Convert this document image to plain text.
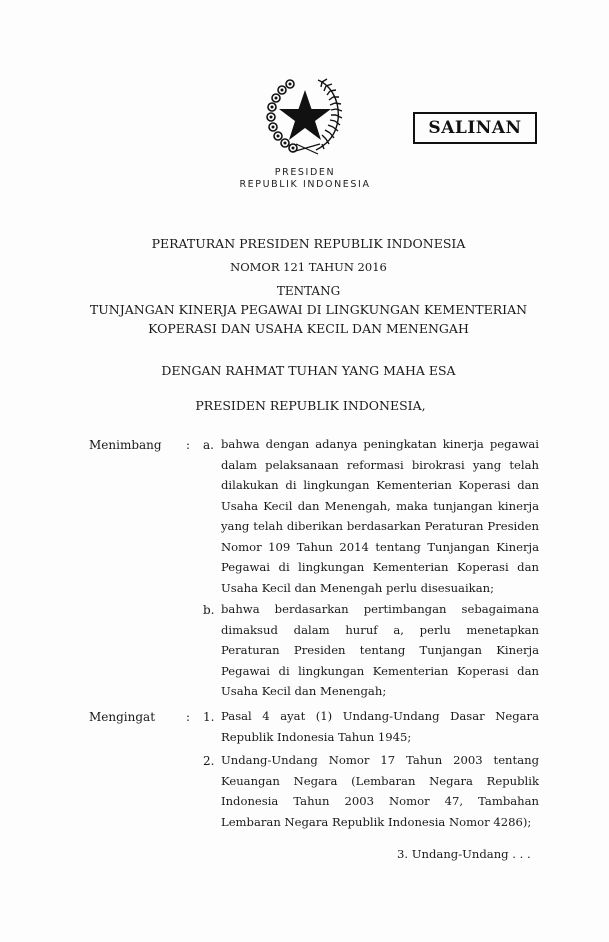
SALINAN
PRESIDEN
REPUBLIK INDONESIA
PERATURAN PRESIDEN REPUBLIK INDONESIA
NOMOR 121 TAHUN 2016
TENTANG
TUNJANGAN KINERJA PEGAWAI DI LINGKUNGAN KEMENTERIAN
KOPERASI DAN USAHA KECIL DAN MENENGAH
DENGAN RAHMAT TUHAN YANG MAHA ESA
PRESIDEN REPUBLIK INDONESIA,
Menimbang : a. bahwa dengan adanya peningkatan kinerja pegawai
dalam pelaksanaan reformasi birokrasi yang telah
dilakukan di lingkungan Kementerian Koperasi dan
Usaha Kecil dan Menengah, maka tunjangan kinerja
yang telah diberikan berdasarkan Peraturan Presiden
Nomor 109 Tahun 2014 tentang Tunjangan Kinerja
Pegawai di lingkungan Kementerian Koperasi dan
Usaha Kecil dan Menengah perlu disesuaikan;
b. bahwa berdasarkan pertimbangan sebagaimana
dimaksud dalam huruf a, perlu menetapkan
Peraturan Presiden tentang Tunjangan Kinerja
Pegawai di lingkungan Kementerian Koperasi dan
Usaha Kecil dan Menengah;
Mengingat	: 1. Pasal 4 ayat (1) Undang-Undang Dasar Negara
Republik Indonesia Tahun 1945;
2. Undang-Undang Nomor 17 Tahun 2003 tentang
Keuangan Negara (Lembaran Negara Republik
Indonesia Tahun 2003 Nomor 47, Tambahan
Lembaran Negara Republik Indonesia Nomor 4286);
3. Undang-Undang . . .
